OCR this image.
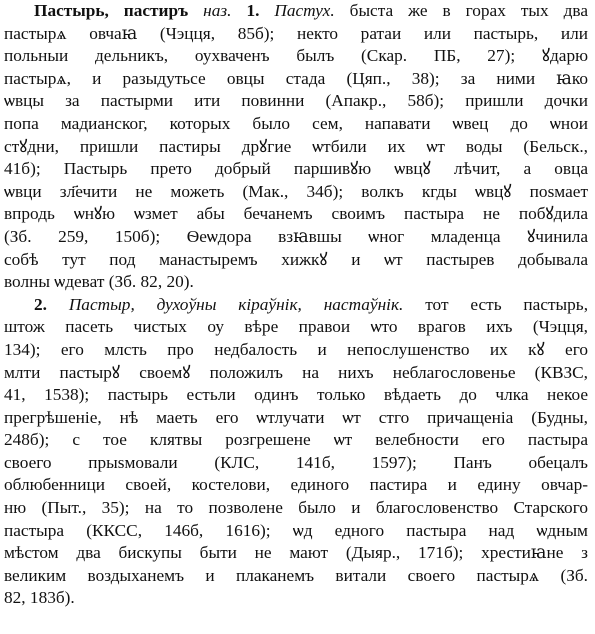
Пастырь, пастиръ наз. 1. Пастух. быста же в горах тых два
пастырѧ овчаꙗ (Чэцця, 85б); некто ратаи или пастырь, или
польныи дельникъ, оухваченъ былъ (Скар. ПБ, 27); ꙋдарю
пастырѧ, и разыдутьсе овцы стада (Цяп., 38); за ними ꙗко
ѡвцы за пастырми ити повинни (Апакр., 58б); пришли дочки
попа мадианског, которых было сем, напавати ѡвец до ѡнои
стꙋдни, пришли пастиры дрꙋгие ѡтбили их ѡт воды (Бельск.,
41б); Пастырь прето добрый паршивꙋю ѡвцꙋ лѣчит, а овца
ѡвци зл҃ечити не можеть (Мак., 34б); волкъ кгды ѡвцꙋ поѕмает
впродь ѡнꙋю ѡзмет абы бечанемъ своимъ пастыра не побꙋдила
(Зб. 259, 150б); Ѳеѡдора взꙗвшы ѡног младенца ꙋчинила
собѣ тут под манастыремъ хижкꙋ и ѡт пастырев добывала
волны ѡдеват (Зб. 82, 20).
2. Пастыр, духоўны кіраўнік, настаўнік. тот есть пастырь,
штож пасеть чистых оу вѣре правои ѡто врагов ихъ (Чэцця,
134); его млсть про недбалость и непослушенство их кꙋ его
млти пастырꙋ своемꙋ положилъ на нихъ неблагословенье (КВЗС,
41, 1538); пастырь естьли одинъ только вѣдаеть до члка некое
прегрѣшеніе, нѣ маеть его ѡтлучати ѡт стго причащеніа (Будны,
248б); с тое клятвы розгрешене ѡт велебности его пастыра
своего прыѕмовали (КЛС, 141б, 1597); Панъ обецалъ
облюбенници своей, костелови, единого пастира и едину овчар-
ню (Пыт., 35); на то позволене было и благословенство Старского
пастыра (ККСС, 146б, 1616); ѡд едного пастыра над ѡдным
мѣстом два бискупы быти не мают (Дыяр., 171б); хрестиꙗне з
великим воздыханемъ и плаканемъ витали своего пастырѧ (Зб.
82, 183б).
